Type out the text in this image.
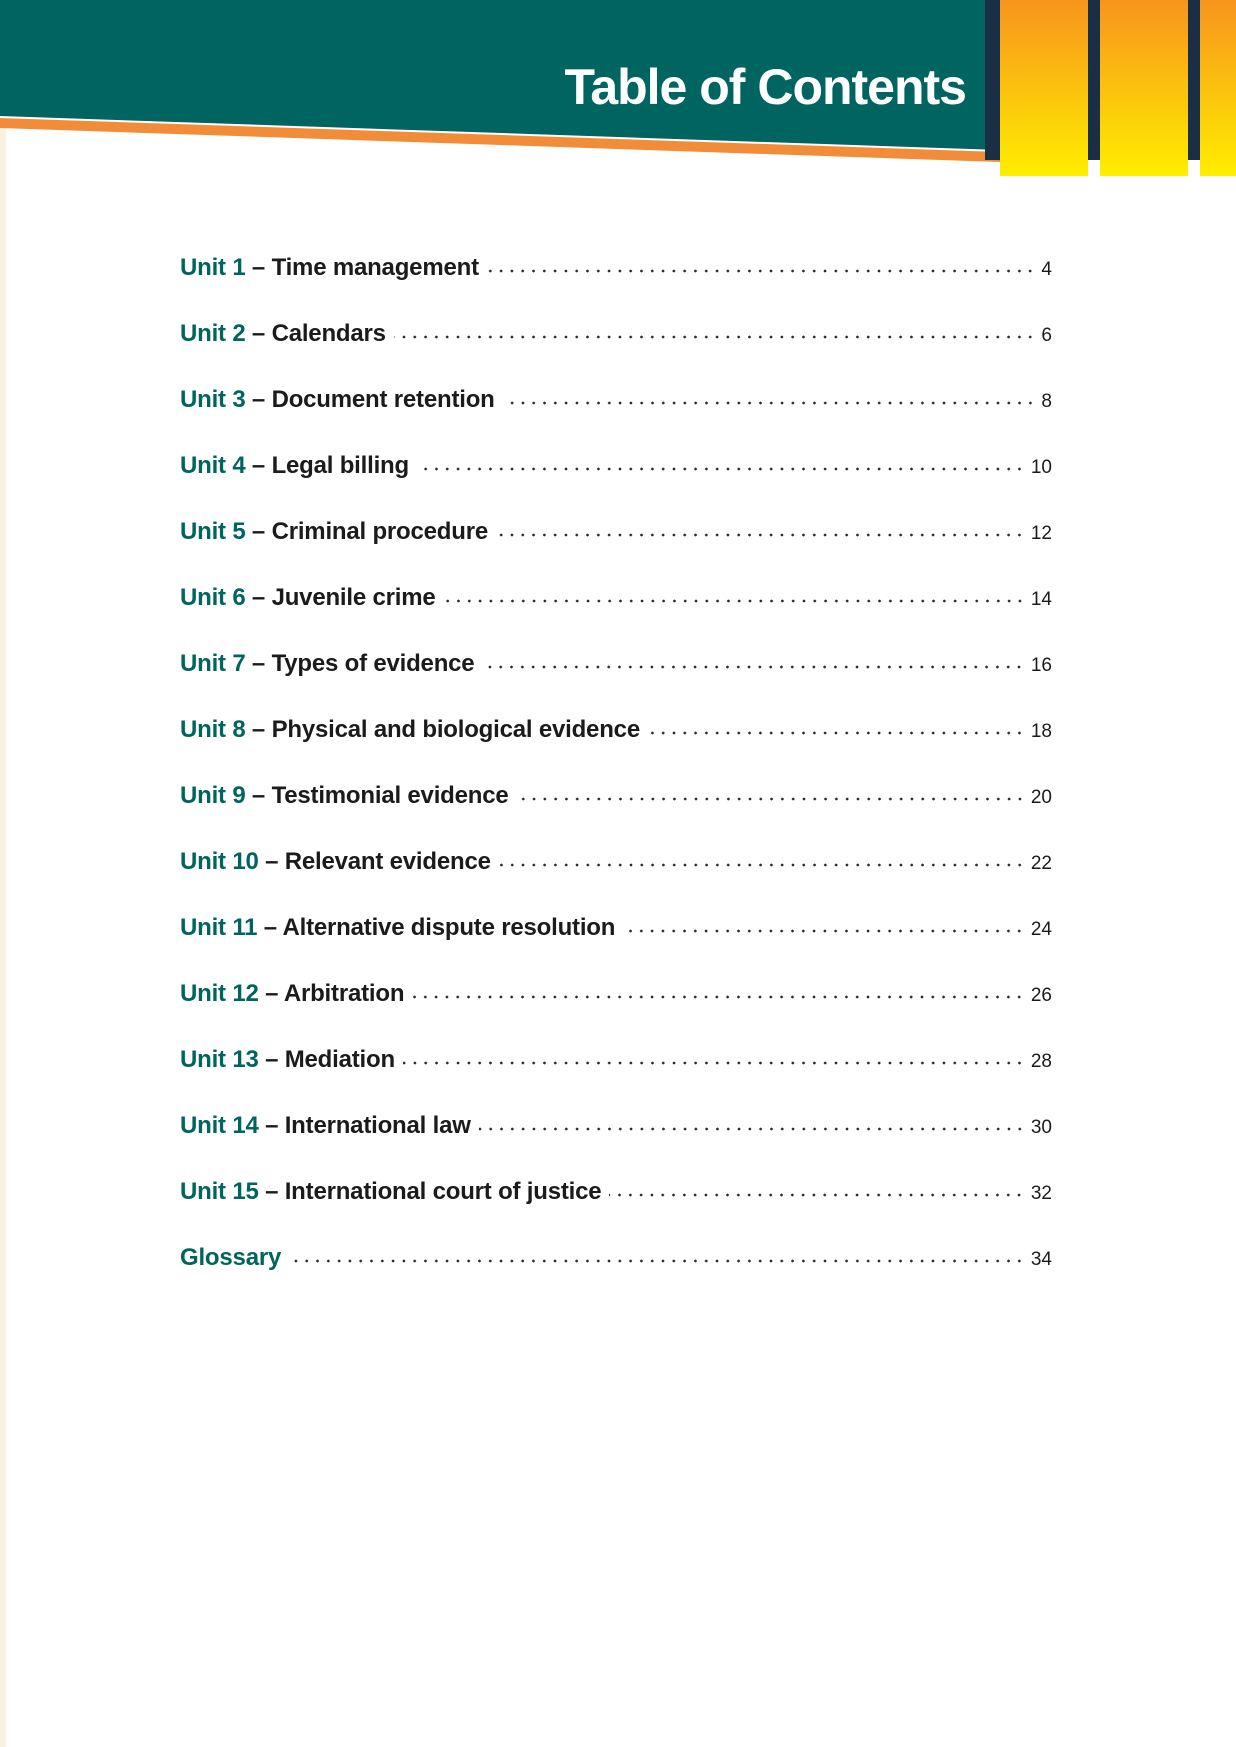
Table of Contents
Unit 1 – Time management	4
Unit 2 – Calendars	6
Unit 3 – Document retention	8
Unit 4 – Legal billing	10
Unit 5 – Criminal procedure	12
Unit 6 – Juvenile crime	14
Unit 7 – Types of evidence	16
Unit 8 – Physical and biological evidence	18
Unit 9 – Testimonial evidence	20
Unit 10 – Relevant evidence	22
Unit 11 – Alternative dispute resolution	24
Unit 12 – Arbitration	26
Unit 13 – Mediation	28
Unit 14 – International law	30
Unit 15 – International court of justice	32
Glossary	34
